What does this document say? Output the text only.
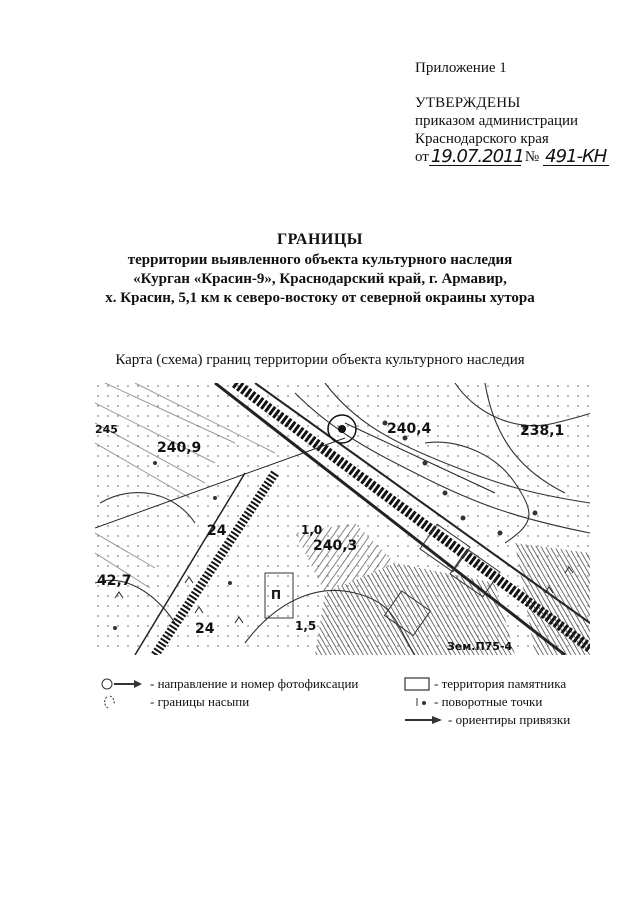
Приложение 1
УТВЕРЖДЕНЫ
приказом администрации
Краснодарского края
от 19.07.2011 № 491-КН
ГРАНИЦЫ
территории выявленного объекта культурного наследия
«Курган «Красин-9», Краснодарский край, г. Армавир,
х. Красин, 5,1 км к северо-востоку от северной окраины хутора
Карта (схема) границ территории объекта культурного наследия
240,4	238,1
240,9
240,3
42,7
1,0
1,5
П
Зем.П75-4
24
24
245
- направление и номер фотофиксации
- границы насыпи
- территория памятника
- поворотные точки
- ориентиры привязки
